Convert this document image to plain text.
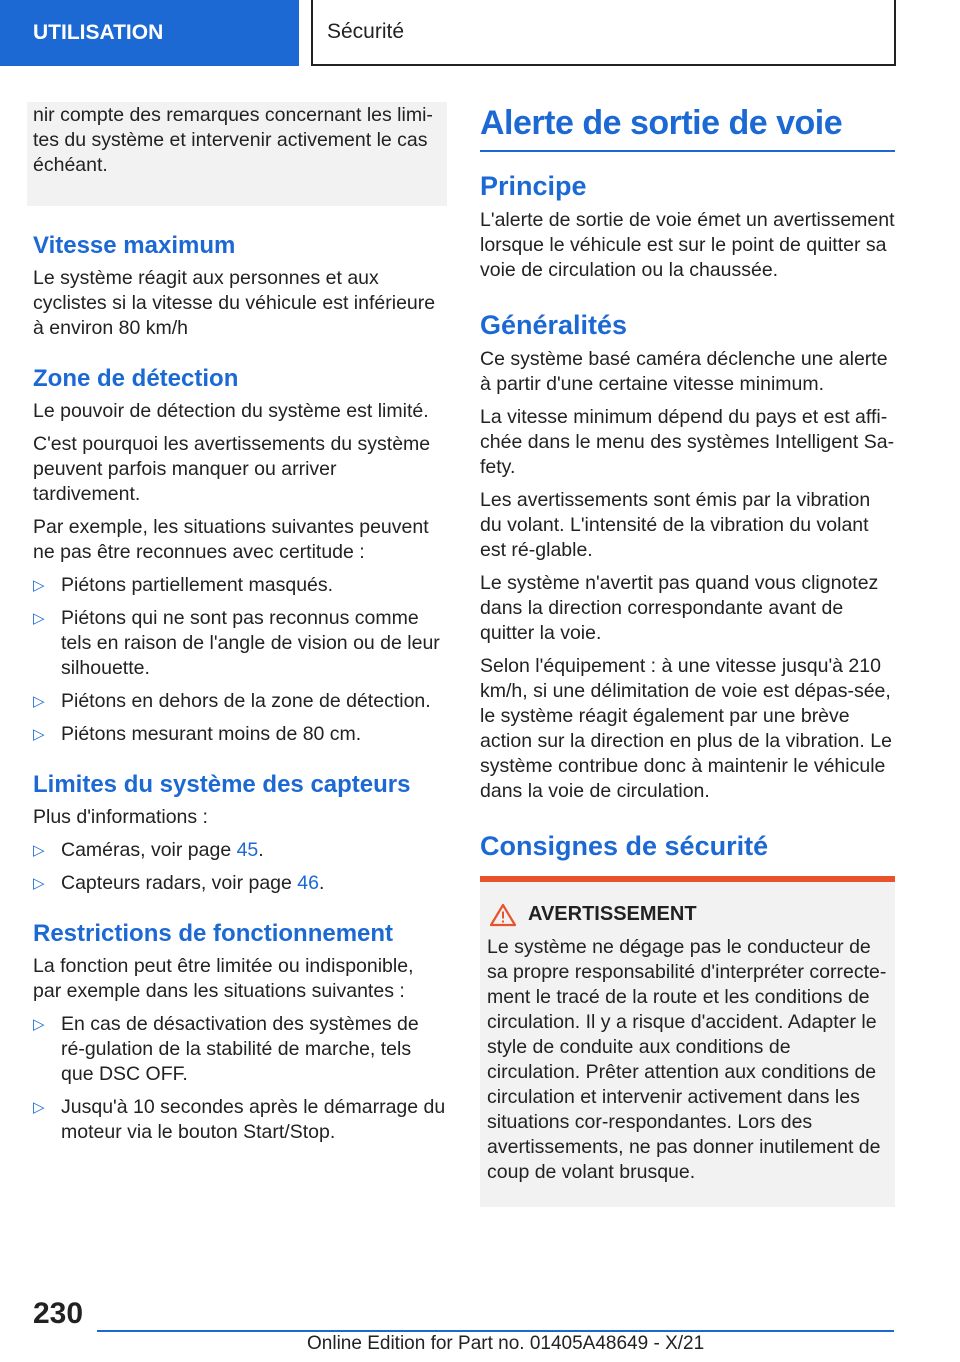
UTILISATION	Sécurité

nir compte des remarques concernant les limi-tes du système et intervenir activement le cas échéant.

Vitesse maximum

Le système réagit aux personnes et aux cyclistes si la vitesse du véhicule est inférieure à environ 80 km/h

Zone de détection

Le pouvoir de détection du système est limité.

C'est pourquoi les avertissements du système peuvent parfois manquer ou arriver tardivement.

Par exemple, les situations suivantes peuvent ne pas être reconnues avec certitude :

▷ Piétons partiellement masqués.
▷ Piétons qui ne sont pas reconnus comme tels en raison de l'angle de vision ou de leur silhouette.
▷ Piétons en dehors de la zone de détection.
▷ Piétons mesurant moins de 80 cm.
Limites du système des capteurs

Plus d'informations :

▷ Caméras, voir page 45.
▷ Capteurs radars, voir page 46.
Restrictions de fonctionnement

La fonction peut être limitée ou indisponible, par exemple dans les situations suivantes :

▷ En cas de désactivation des systèmes de ré-gulation de la stabilité de marche, tels que DSC OFF.
▷ Jusqu'à 10 secondes après le démarrage du moteur via le bouton Start/Stop.
Alerte de sortie de voie
Principe

L'alerte de sortie de voie émet un avertissement lorsque le véhicule est sur le point de quitter sa voie de circulation ou la chaussée.

Généralités

Ce système basé caméra déclenche une alerte à partir d'une certaine vitesse minimum.

La vitesse minimum dépend du pays et est affi-chée dans le menu des systèmes Intelligent Sa-fety.

Les avertissements sont émis par la vibration du volant. L'intensité de la vibration du volant est ré-glable.

Le système n'avertit pas quand vous clignotez dans la direction correspondante avant de quitter la voie.

Selon l'équipement : à une vitesse jusqu'à 210 km/h, si une délimitation de voie est dépas-sée, le système réagit également par une brève action sur la direction en plus de la vibration. Le système contribue donc à maintenir le véhicule dans la voie de circulation.

Consignes de sécurité
AVERTISSEMENT

Le système ne dégage pas le conducteur de sa propre responsabilité d'interpréter correcte-ment le tracé de la route et les conditions de circulation. Il y a risque d'accident. Adapter le style de conduite aux conditions de circulation. Prêter attention aux conditions de circulation et intervenir activement dans les situations cor-respondantes. Lors des avertissements, ne pas donner inutilement de coup de volant brusque.

230
Online Edition for Part no. 01405A48649 - X/21
